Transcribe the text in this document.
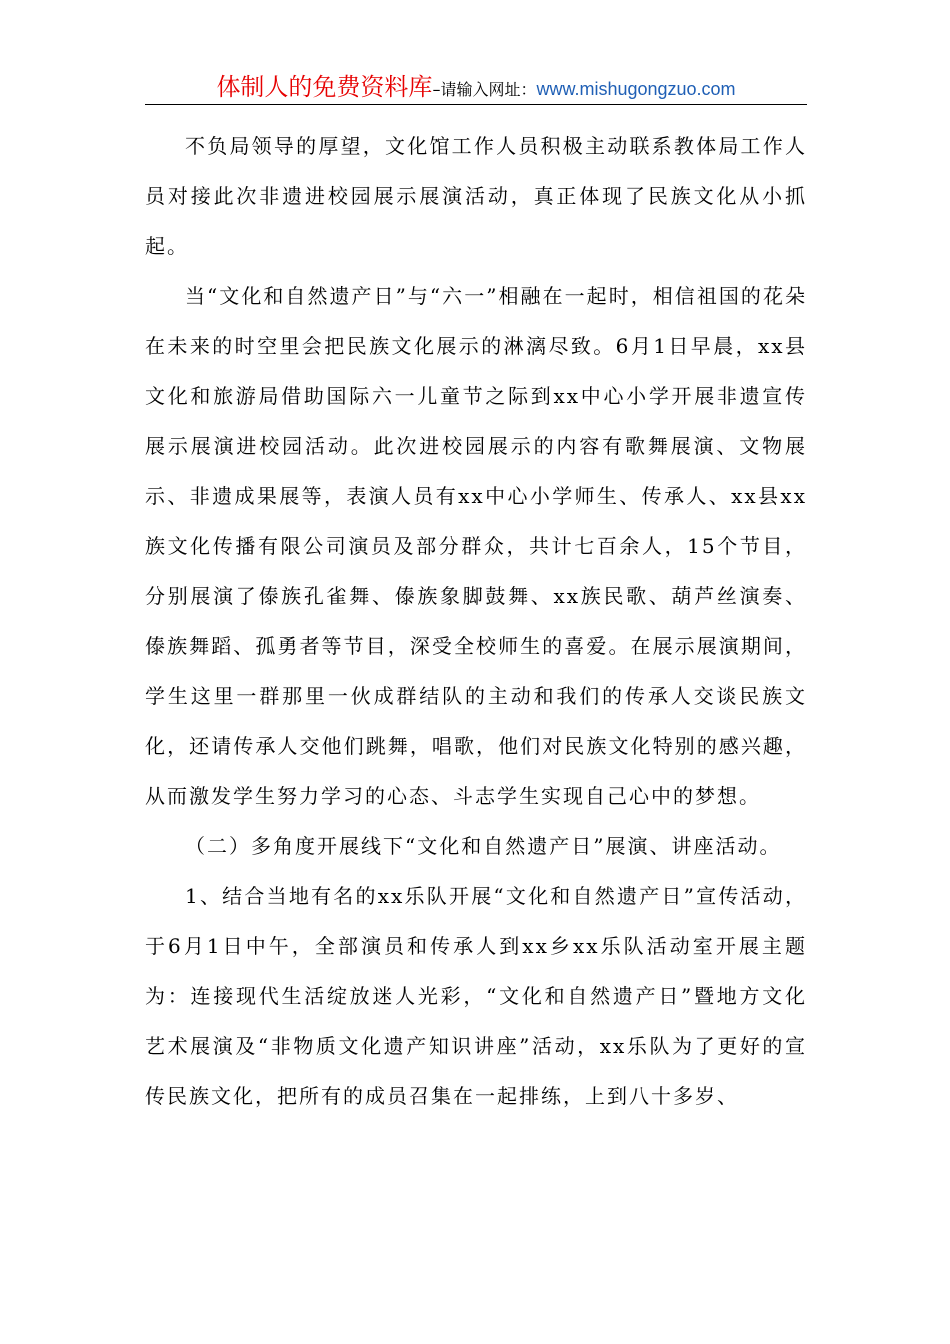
体制人的免费资料库–请输入网址：www.mishugongzuo.com

不负局领导的厚望，文化馆工作人员积极主动联系教体局工作人员对接此次非遗进校园展示展演活动，真正体现了民族文化从小抓起。

当“文化和自然遗产日”与“六一”相融在一起时，相信祖国的花朵在未来的时空里会把民族文化展示的淋漓尽致。6月1日早晨，xx县文化和旅游局借助国际六一儿童节之际到xx中心小学开展非遗宣传展示展演进校园活动。此次进校园展示的内容有歌舞展演、文物展示、非遗成果展等，表演人员有xx中心小学师生、传承人、xx县xx族文化传播有限公司演员及部分群众，共计七百余人，15个节目，分别展演了傣族孔雀舞、傣族象脚鼓舞、xx族民歌、葫芦丝演奏、傣族舞蹈、孤勇者等节目，深受全校师生的喜爱。在展示展演期间，学生这里一群那里一伙成群结队的主动和我们的传承人交谈民族文化，还请传承人交他们跳舞，唱歌，他们对民族文化特别的感兴趣，从而激发学生努力学习的心态、斗志学生实现自己心中的梦想。

（二）多角度开展线下“文化和自然遗产日”展演、讲座活动。

1、结合当地有名的xx乐队开展“文化和自然遗产日”宣传活动，于6月1日中午，全部演员和传承人到xx乡xx乐队活动室开展主题为：连接现代生活绽放迷人光彩，“文化和自然遗产日”暨地方文化艺术展演及“非物质文化遗产知识讲座”活动，xx乐队为了更好的宣传民族文化，把所有的成员召集在一起排练，上到八十多岁、
